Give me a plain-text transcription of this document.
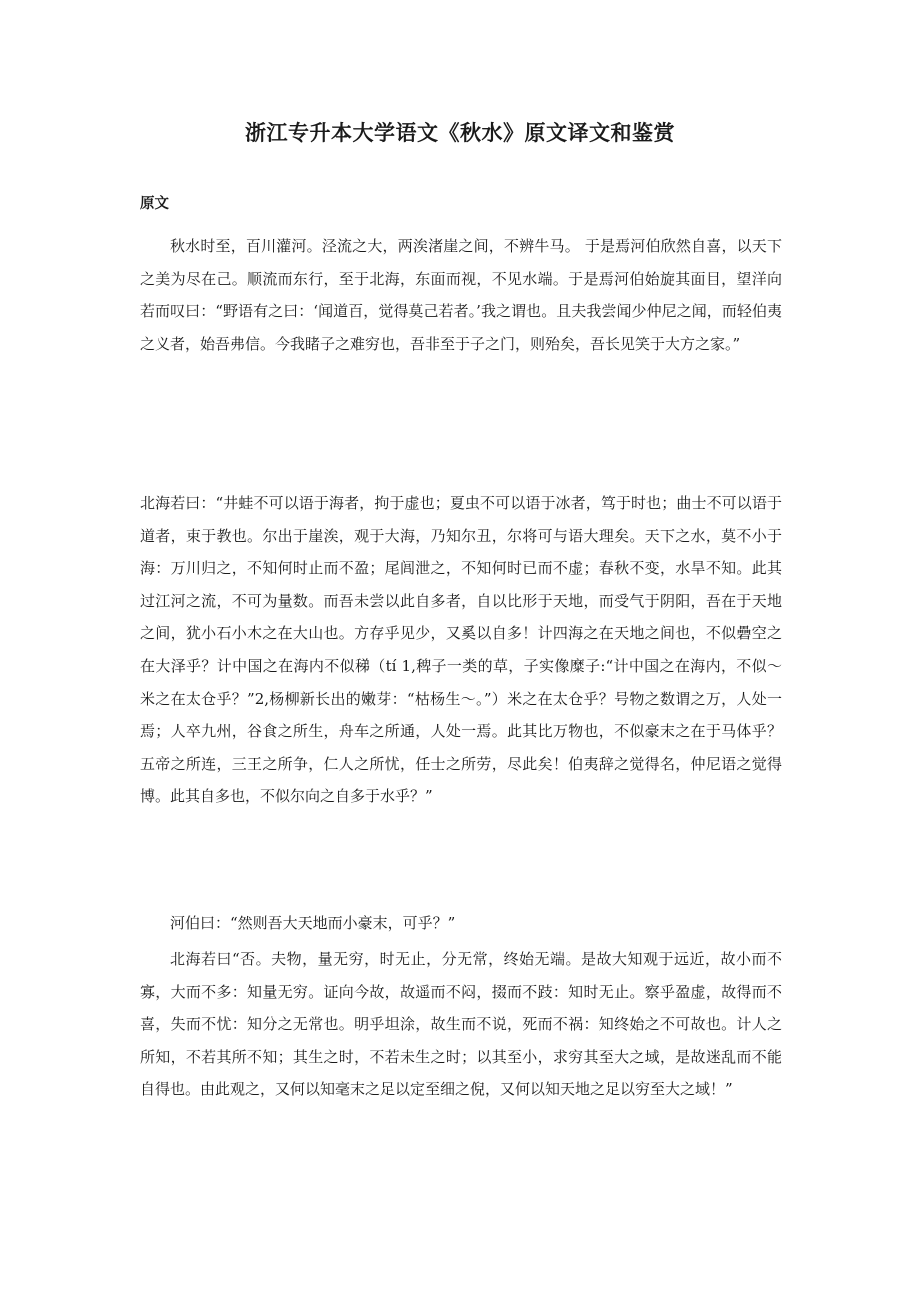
浙江专升本大学语文《秋水》原文译文和鉴赏
原文

秋水时至，百川灌河。泾流之大，两涘渚崖之间，不辨牛马。 于是焉河伯欣然自喜，以天下之美为尽在己。顺流而东行，至于北海，东面而视，不见水端。于是焉河伯始旋其面目，望洋向若而叹曰：“野语有之曰：‘闻道百，觉得莫己若者。’我之谓也。且夫我尝闻少仲尼之闻，而轻伯夷之义者，始吾弗信。今我睹子之难穷也，吾非至于子之门，则殆矣，吾长见笑于大方之家。”

北海若曰：“井蛙不可以语于海者，拘于虚也；夏虫不可以语于冰者，笃于时也；曲士不可以语于道者，束于教也。尔出于崖涘，观于大海，乃知尔丑，尔将可与语大理矣。天下之水，莫不小于海：万川归之，不知何时止而不盈；尾闾泄之，不知何时已而不虚；春秋不变，水旱不知。此其过江河之流，不可为量数。而吾未尝以此自多者，自以比形于天地，而受气于阴阳，吾在于天地之间，犹小石小木之在大山也。方存乎见少，又奚以自多！计四海之在天地之间也，不似礨空之在大泽乎？计中国之在海内不似稊（tí 1,稗子一类的草，子实像糜子:“计中国之在海内，不似～米之在太仓乎？”2,杨柳新长出的嫩芽：“枯杨生～。”）米之在太仓乎？号物之数谓之万，人处一焉；人卒九州，谷食之所生，舟车之所通，人处一焉。此其比万物也，不似豪末之在于马体乎？五帝之所连，三王之所争，仁人之所忧，任士之所劳，尽此矣！伯夷辞之觉得名，仲尼语之觉得博。此其自多也，不似尔向之自多于水乎？”

河伯曰：“然则吾大天地而小豪末，可乎？”

北海若曰“否。夫物，量无穷，时无止，分无常，终始无端。是故大知观于远近，故小而不寡，大而不多：知量无穷。证向今故，故遥而不闷，掇而不跂：知时无止。察乎盈虚，故得而不喜，失而不忧：知分之无常也。明乎坦涂，故生而不说，死而不祸：知终始之不可故也。计人之所知，不若其所不知；其生之时，不若未生之时；以其至小，求穷其至大之域，是故迷乱而不能自得也。由此观之，又何以知毫末之足以定至细之倪，又何以知天地之足以穷至大之域！”
